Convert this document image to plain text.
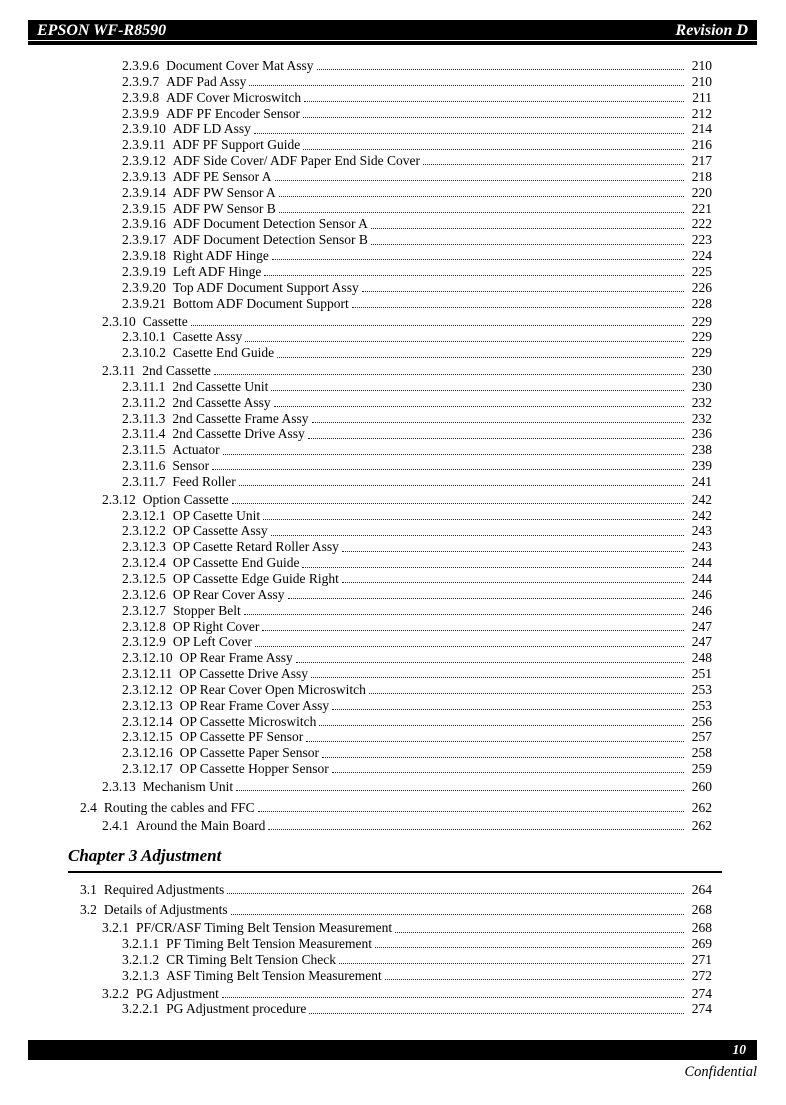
EPSON WF-R8590	Revision D
2.3.9.6 Document Cover Mat Assy	210
2.3.9.7 ADF Pad Assy	210
2.3.9.8 ADF Cover Microswitch	211
2.3.9.9 ADF PF Encoder Sensor	212
2.3.9.10 ADF LD Assy	214
2.3.9.11 ADF PF Support Guide	216
2.3.9.12 ADF Side Cover/ ADF Paper End Side Cover	217
2.3.9.13 ADF PE Sensor A	218
2.3.9.14 ADF PW Sensor A	220
2.3.9.15 ADF PW Sensor B	221
2.3.9.16 ADF Document Detection Sensor A	222
2.3.9.17 ADF Document Detection Sensor B	223
2.3.9.18 Right ADF Hinge	224
2.3.9.19 Left ADF Hinge	225
2.3.9.20 Top ADF Document Support Assy	226
2.3.9.21 Bottom ADF Document Support	228
2.3.10 Cassette	229
2.3.10.1 Casette Assy	229
2.3.10.2 Casette End Guide	229
2.3.11 2nd Cassette	230
2.3.11.1 2nd Cassette Unit	230
2.3.11.2 2nd Cassette Assy	232
2.3.11.3 2nd Cassette Frame Assy	232
2.3.11.4 2nd Cassette Drive Assy	236
2.3.11.5 Actuator	238
2.3.11.6 Sensor	239
2.3.11.7 Feed Roller	241
2.3.12 Option Cassette	242
2.3.12.1 OP Casette Unit	242
2.3.12.2 OP Cassette Assy	243
2.3.12.3 OP Casette Retard Roller Assy	243
2.3.12.4 OP Cassette End Guide	244
2.3.12.5 OP Cassette Edge Guide Right	244
2.3.12.6 OP Rear Cover Assy	246
2.3.12.7 Stopper Belt	246
2.3.12.8 OP Right Cover	247
2.3.12.9 OP Left Cover	247
2.3.12.10 OP Rear Frame Assy	248
2.3.12.11 OP Cassette Drive Assy	251
2.3.12.12 OP Rear Cover Open Microswitch	253
2.3.12.13 OP Rear Frame Cover Assy	253
2.3.12.14 OP Cassette Microswitch	256
2.3.12.15 OP Cassette PF Sensor	257
2.3.12.16 OP Cassette Paper Sensor	258
2.3.12.17 OP Cassette Hopper Sensor	259
2.3.13 Mechanism Unit	260
2.4 Routing the cables and FFC	262
2.4.1 Around the Main Board	262
Chapter 3 Adjustment
3.1 Required Adjustments	264
3.2 Details of Adjustments	268
3.2.1 PF/CR/ASF Timing Belt Tension Measurement	268
3.2.1.1 PF Timing Belt Tension Measurement	269
3.2.1.2 CR Timing Belt Tension Check	271
3.2.1.3 ASF Timing Belt Tension Measurement	272
3.2.2 PG Adjustment	274
3.2.2.1 PG Adjustment procedure	274
10
Confidential
